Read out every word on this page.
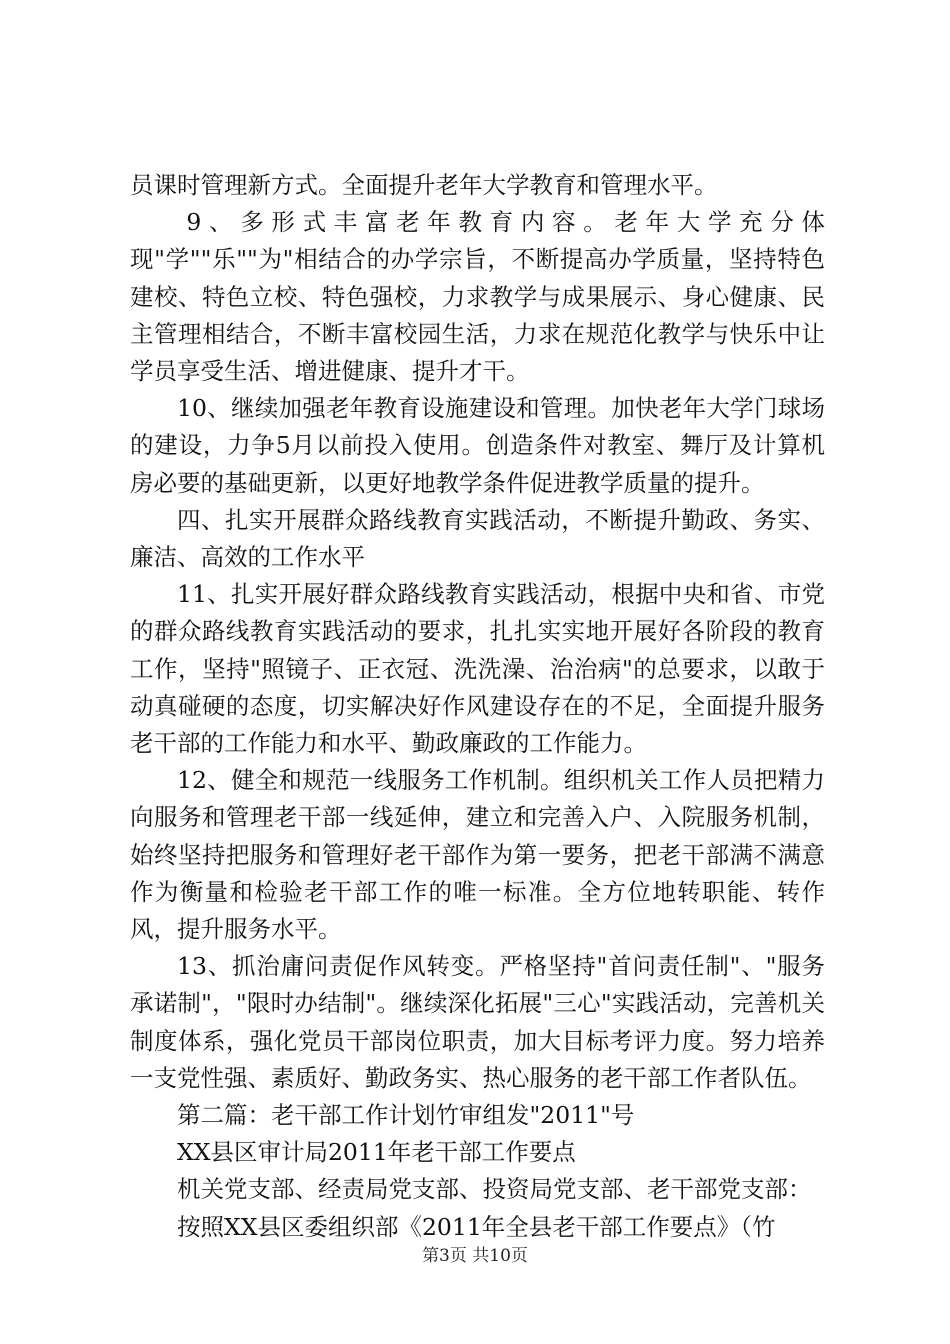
员课时管理新方式。全面提升老年大学教育和管理水平。

9、多形式丰富老年教育内容。老年大学充分体现"学""乐""为"相结合的办学宗旨，不断提高办学质量，坚持特色建校、特色立校、特色强校，力求教学与成果展示、身心健康、民主管理相结合，不断丰富校园生活，力求在规范化教学与快乐中让学员享受生活、增进健康、提升才干。

10、继续加强老年教育设施建设和管理。加快老年大学门球场的建设，力争5月以前投入使用。创造条件对教室、舞厅及计算机房必要的基础更新，以更好地教学条件促进教学质量的提升。

四、扎实开展群众路线教育实践活动，不断提升勤政、务实、廉洁、高效的工作水平

11、扎实开展好群众路线教育实践活动，根据中央和省、市党的群众路线教育实践活动的要求，扎扎实实地开展好各阶段的教育工作，坚持"照镜子、正衣冠、洗洗澡、治治病"的总要求，以敢于动真碰硬的态度，切实解决好作风建设存在的不足，全面提升服务老干部的工作能力和水平、勤政廉政的工作能力。

12、健全和规范一线服务工作机制。组织机关工作人员把精力向服务和管理老干部一线延伸，建立和完善入户、入院服务机制，始终坚持把服务和管理好老干部作为第一要务，把老干部满不满意作为衡量和检验老干部工作的唯一标准。全方位地转职能、转作风，提升服务水平。

13、抓治庸问责促作风转变。严格坚持"首问责任制"、"服务承诺制"，"限时办结制"。继续深化拓展"三心"实践活动，完善机关制度体系，强化党员干部岗位职责，加大目标考评力度。努力培养一支党性强、素质好、勤政务实、热心服务的老干部工作者队伍。

第二篇：老干部工作计划竹审组发"2011"号

XX县区审计局2011年老干部工作要点

机关党支部、经责局党支部、投资局党支部、老干部党支部：

按照XX县区委组织部《2011年全县老干部工作要点》（竹

第3页 共10页
